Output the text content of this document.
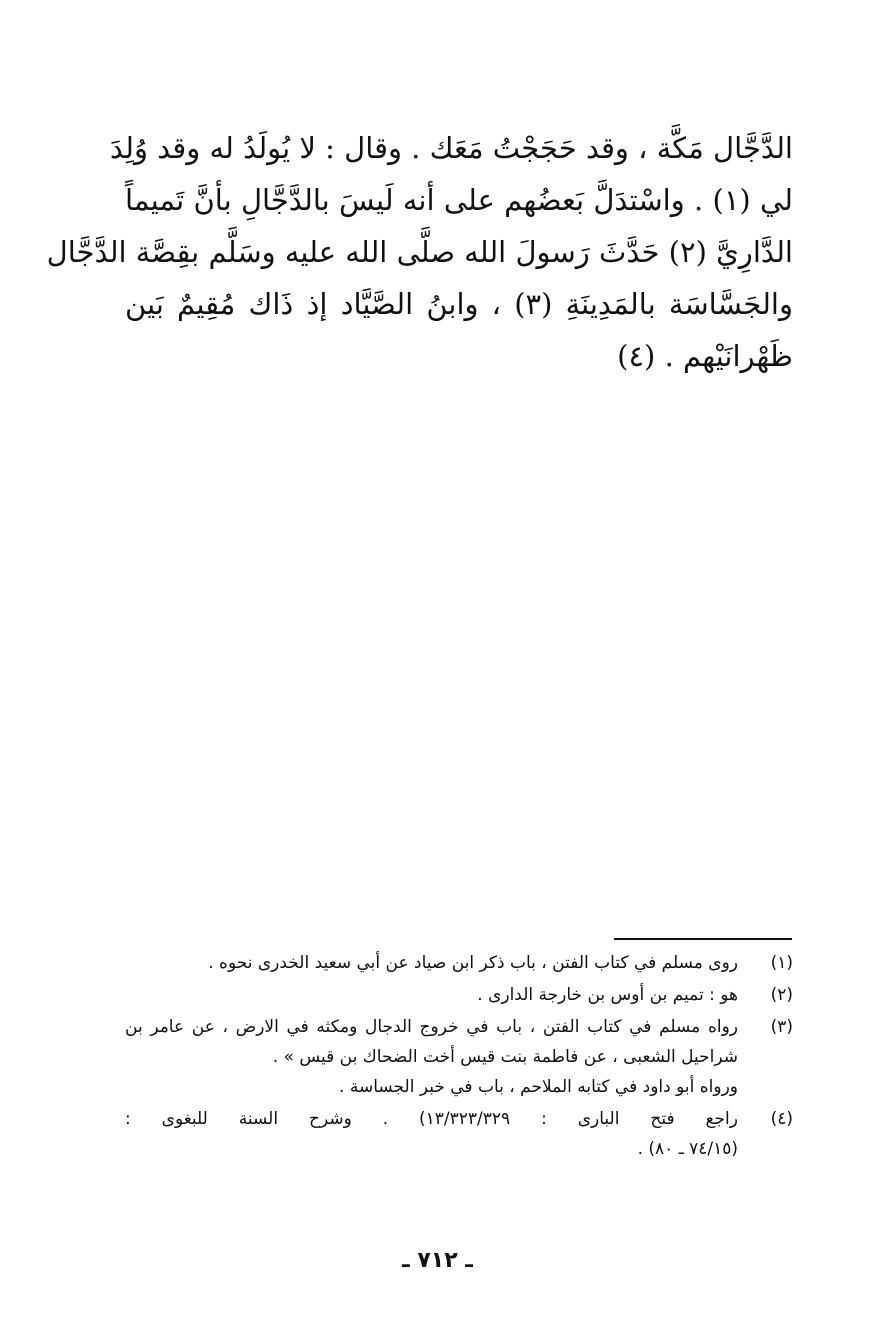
الدَّجَّال مَكَّة ، وقد حَجَجْتُ مَعَك . وقال : لا يُولَدُ له وقد وُلِدَ
لي (١) . واسْتدَلَّ بَعضُهم على أنه لَيسَ بالدَّجَّالِ بأنَّ تَميماً
الدَّارِيَّ (٢) حَدَّثَ رَسولَ الله صلَّى الله عليه وسَلَّم بقِصَّة الدَّجَّال
والجَسَّاسَة بالمَدِينَةِ (٣) ، وابنُ الصَّيَّاد إذ ذَاك مُقِيمٌ بَين
ظَهْرانَيْهم . (٤)
(١)
روى مسلم في كتاب الفتن ، باب ذكر ابن صياد عن أبي سعيد الخدرى نحوه .
(٢)
هو : تميم بن أوس بن خارجة الدارى .
(٣)
رواه مسلم في كتاب الفتن ، باب في خروج الدجال ومكثه في الارض ، عن عامر بن
شراحيل الشعبى ، عن فاطمة بنت قيس أخت الضحاك بن قيس » .
ورواه أبو داود في كتابه الملاحم ، باب في خبر الجساسة .
(٤)
راجع فتح البارى : ١٣/٣٢٣/٣٢٩) . وشرح السنة للبغوى :
(٧٤/١٥ ـ ٨٠) .
ـ ٧١٢ ـ
